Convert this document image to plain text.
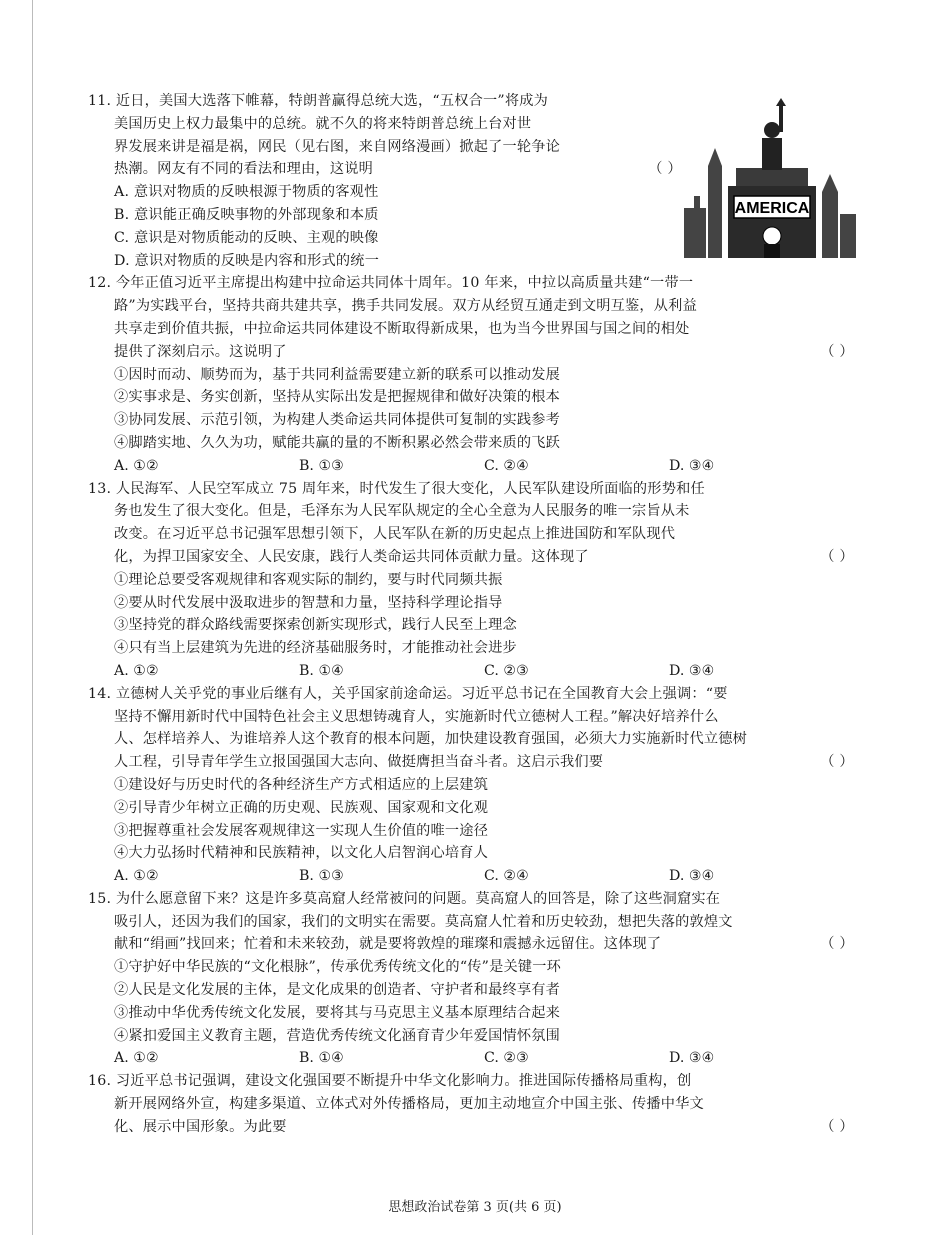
AMERICA
11. 近日，美国大选落下帷幕，特朗普赢得总统大选，“五权合一”将成为
美国历史上权力最集中的总统。就不久的将来特朗普总统上台对世
界发展来讲是福是祸，网民（见右图，来自网络漫画）掀起了一轮争论
热潮。网友有不同的看法和理由，这说明	（ ）
A. 意识对物质的反映根源于物质的客观性
B. 意识能正确反映事物的外部现象和本质
C. 意识是对物质能动的反映、主观的映像
D. 意识对物质的反映是内容和形式的统一
12. 今年正值习近平主席提出构建中拉命运共同体十周年。10 年来，中拉以高质量共建“一带一
路”为实践平台，坚持共商共建共享，携手共同发展。双方从经贸互通走到文明互鉴，从利益
共享走到价值共振，中拉命运共同体建设不断取得新成果，也为当今世界国与国之间的相处
提供了深刻启示。这说明了	（ ）
①因时而动、顺势而为，基于共同利益需要建立新的联系可以推动发展
②实事求是、务实创新，坚持从实际出发是把握规律和做好决策的根本
③协同发展、示范引领，为构建人类命运共同体提供可复制的实践参考
④脚踏实地、久久为功，赋能共赢的量的不断积累必然会带来质的飞跃
A. ①②	B. ①③	C. ②④	D. ③④
13. 人民海军、人民空军成立 75 周年来，时代发生了很大变化，人民军队建设所面临的形势和任
务也发生了很大变化。但是，毛泽东为人民军队规定的全心全意为人民服务的唯一宗旨从未
改变。在习近平总书记强军思想引领下，人民军队在新的历史起点上推进国防和军队现代
化，为捍卫国家安全、人民安康，践行人类命运共同体贡献力量。这体现了	（ ）
①理论总要受客观规律和客观实际的制约，要与时代同频共振
②要从时代发展中汲取进步的智慧和力量，坚持科学理论指导
③坚持党的群众路线需要探索创新实现形式，践行人民至上理念
④只有当上层建筑为先进的经济基础服务时，才能推动社会进步
A. ①②	B. ①④	C. ②③	D. ③④
14. 立德树人关乎党的事业后继有人，关乎国家前途命运。习近平总书记在全国教育大会上强调：“要
坚持不懈用新时代中国特色社会主义思想铸魂育人，实施新时代立德树人工程。”解决好培养什么
人、怎样培养人、为谁培养人这个教育的根本问题，加快建设教育强国，必须大力实施新时代立德树
人工程，引导青年学生立报国强国大志向、做挺膺担当奋斗者。这启示我们要	（ ）
①建设好与历史时代的各种经济生产方式相适应的上层建筑
②引导青少年树立正确的历史观、民族观、国家观和文化观
③把握尊重社会发展客观规律这一实现人生价值的唯一途径
④大力弘扬时代精神和民族精神，以文化人启智润心培育人
A. ①②	B. ①③	C. ②④	D. ③④
15. 为什么愿意留下来？这是许多莫高窟人经常被问的问题。莫高窟人的回答是，除了这些洞窟实在
吸引人，还因为我们的国家，我们的文明实在需要。莫高窟人忙着和历史较劲，想把失落的敦煌文
献和“绢画”找回来；忙着和未来较劲，就是要将敦煌的璀璨和震撼永远留住。这体现了	（ ）
①守护好中华民族的“文化根脉”，传承优秀传统文化的“传”是关键一环
②人民是文化发展的主体，是文化成果的创造者、守护者和最终享有者
③推动中华优秀传统文化发展，要将其与马克思主义基本原理结合起来
④紧扣爱国主义教育主题，营造优秀传统文化涵育青少年爱国情怀氛围
A. ①②	B. ①④	C. ②③	D. ③④
16. 习近平总书记强调，建设文化强国要不断提升中华文化影响力。推进国际传播格局重构，创
新开展网络外宣，构建多渠道、立体式对外传播格局，更加主动地宣介中国主张、传播中华文
化、展示中国形象。为此要	（ ）
思想政治试卷第 3 页(共 6 页)
